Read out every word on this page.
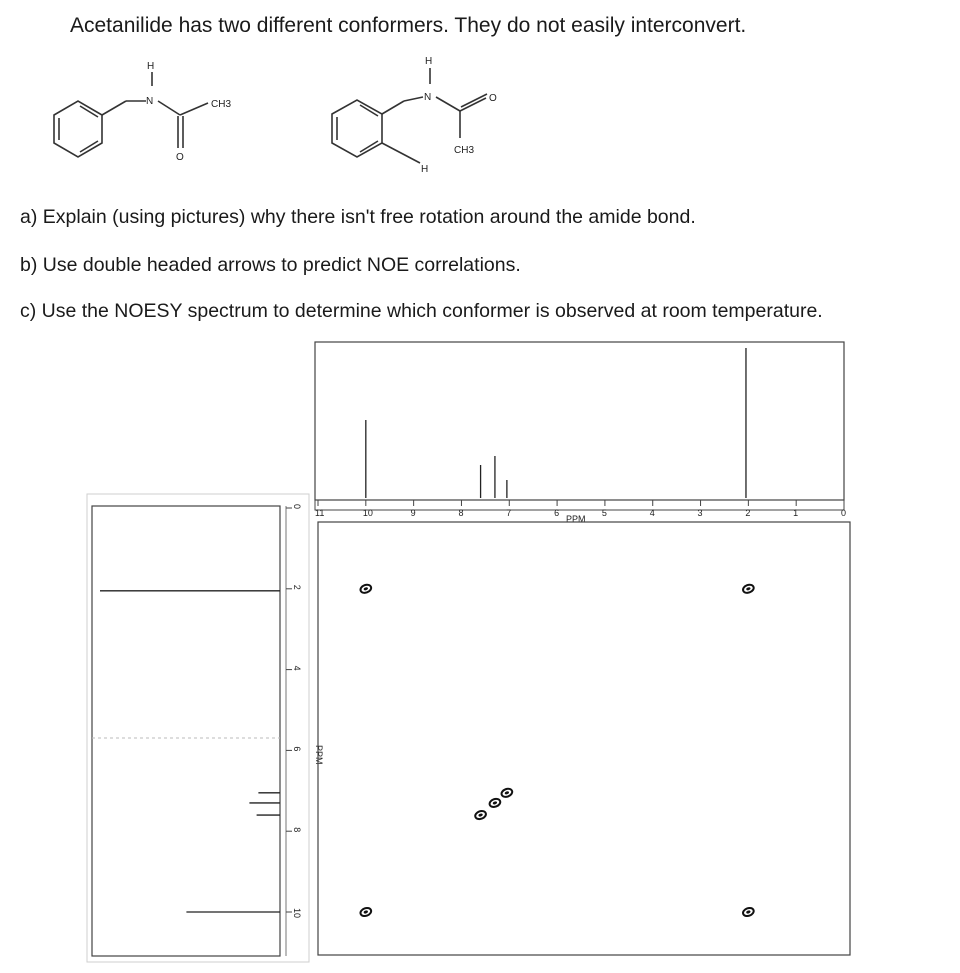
Acetanilide has two different conformers. They do not easily interconvert.
H
N	CH3
O
H
N	O
CH3
H
a) Explain (using pictures) why there isn't free rotation around the amide bond.
b) Use double headed arrows to predict NOE correlations.
c) Use the NOESY spectrum to determine which conformer is observed at room temperature.
11	10	9	8	7	6	5	4	3	2	1	0
PPM
0
2
4
6
8
10
PPM
